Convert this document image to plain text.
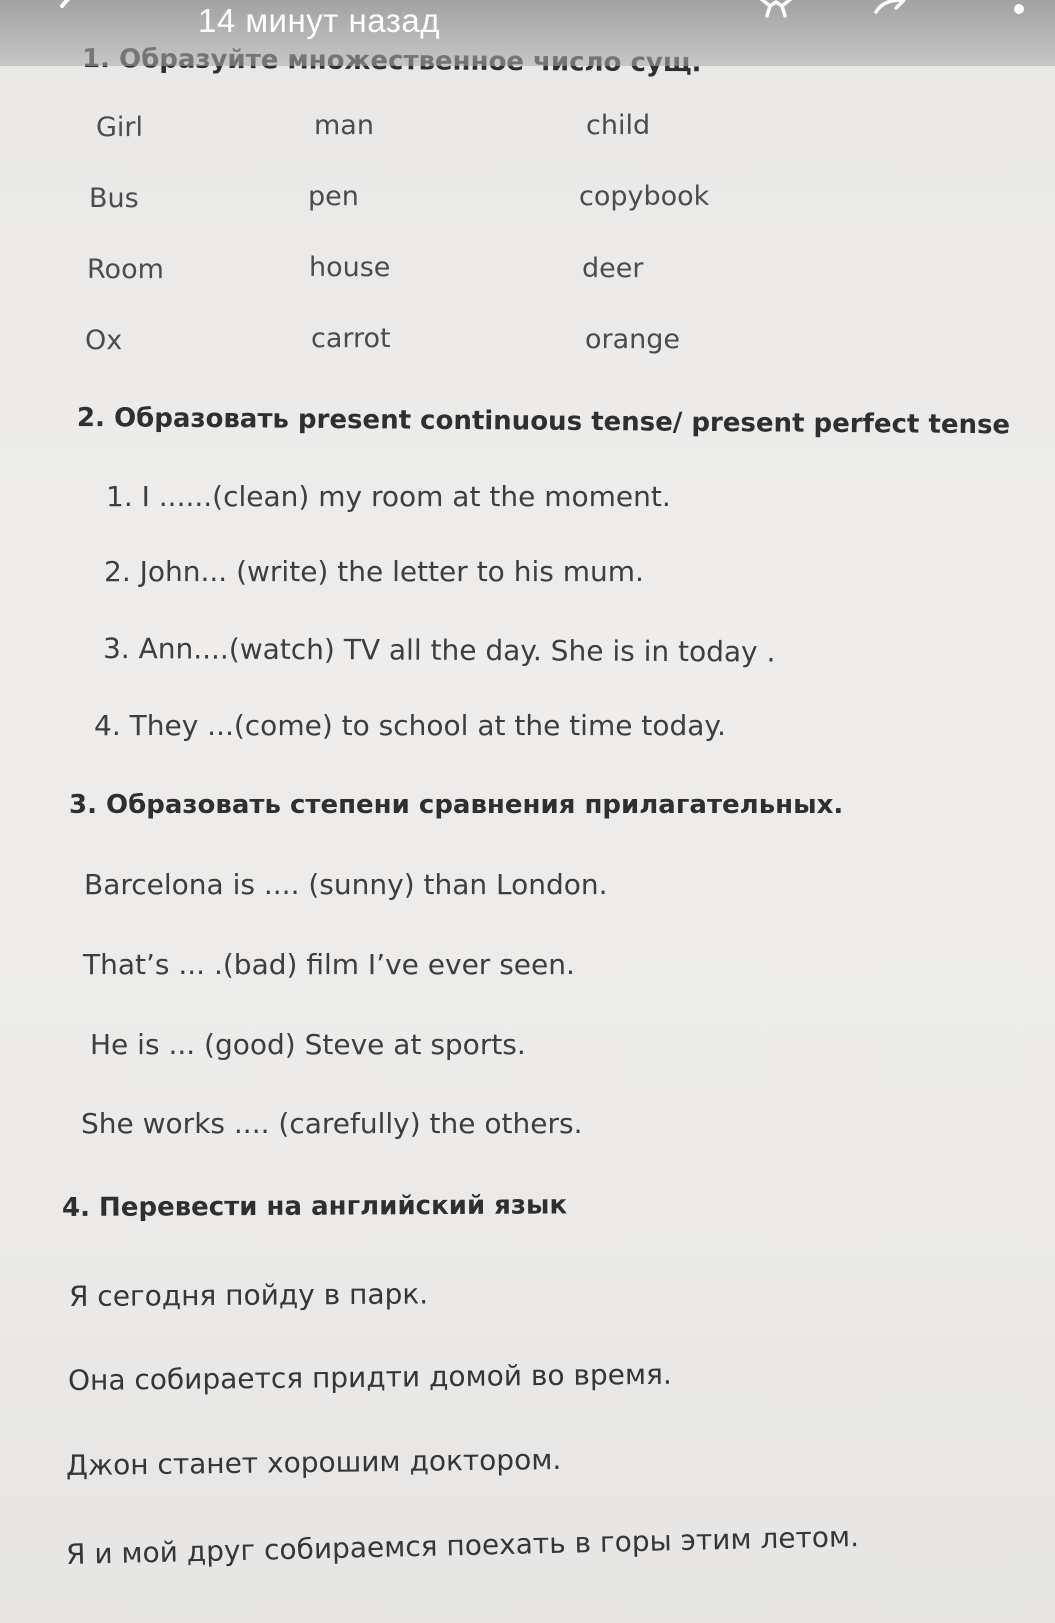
Girl	man	child
Bus	pen	copybook
Room	house	deer
Ox	carrot	orange
2. Образовать present continuous tense/ present perfect tense
1. I ......(clean) my room at the moment.
2. John... (write) the letter to his mum.
3. Ann....(watch) TV all the day. She is in today .
4. They ...(come) to school at the time today.
3. Образовать степени сравнения прилагательных.
Barcelona is .... (sunny) than London.
That’s ... .(bad) film I’ve ever seen.
He is ... (good) Steve at sports.
She works .... (carefully) the others.
4. Перевести на английский язык
Я сегодня пойду в парк.
Она собирается придти домой во время.
Джон станет хорошим доктором.
Я и мой друг собираемся поехать в горы этим летом.
14 минут назад
